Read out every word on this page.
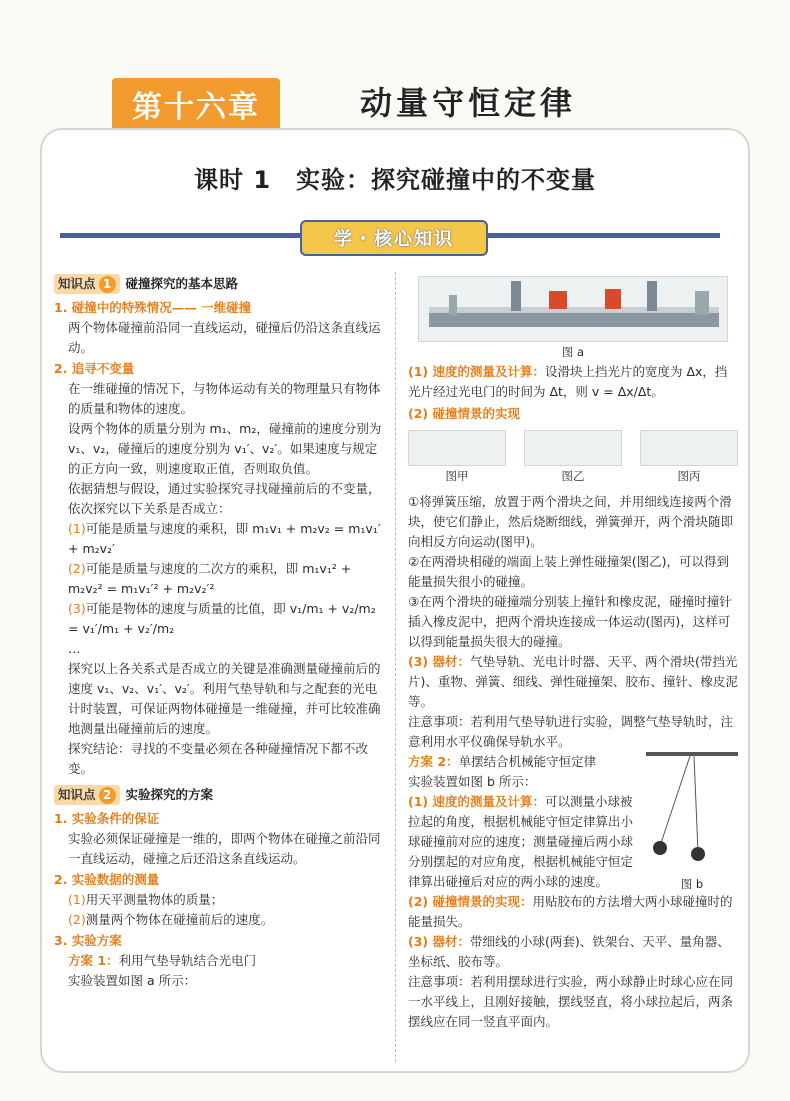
第十六章	动量守恒定律
课时 1　实验：探究碰撞中的不变量
学・核心知识
知识点 1	碰撞探究的基本思路
1. 碰撞中的特殊情况—— 一维碰撞
两个物体碰撞前沿同一直线运动，碰撞后仍沿这条直线运动。
2. 追寻不变量
在一维碰撞的情况下，与物体运动有关的物理量只有物体的质量和物体的速度。
设两个物体的质量分别为 m₁、m₂，碰撞前的速度分别为 v₁、v₂，碰撞后的速度分别为 v₁′、v₂′。如果速度与规定的正方向一致，则速度取正值，否则取负值。
依据猜想与假设，通过实验探究寻找碰撞前后的不变量，依次探究以下关系是否成立：
(1)可能是质量与速度的乘积，即 m₁v₁ + m₂v₂ = m₁v₁′ + m₂v₂′
(2)可能是质量与速度的二次方的乘积，即 m₁v₁² + m₂v₂² = m₁v₁′² + m₂v₂′²
(3)可能是物体的速度与质量的比值，即 v₁/m₁ + v₂/m₂ = v₁′/m₁ + v₂′/m₂
…
探究以上各关系式是否成立的关键是准确测量碰撞前后的速度 v₁、v₂、v₁′、v₂′。利用气垫导轨和与之配套的光电计时装置，可保证两物体碰撞是一维碰撞，并可比较准确地测量出碰撞前后的速度。
探究结论：寻找的不变量必须在各种碰撞情况下都不改变。
知识点 2	实验探究的方案
1. 实验条件的保证
实验必须保证碰撞是一维的，即两个物体在碰撞之前沿同一直线运动，碰撞之后还沿这条直线运动。
2. 实验数据的测量
(1)用天平测量物体的质量；
(2)测量两个物体在碰撞前后的速度。
3. 实验方案
方案 1：利用气垫导轨结合光电门
实验装置如图 a 所示：
图 a
(1) 速度的测量及计算：设滑块上挡光片的宽度为 Δx，挡光片经过光电门的时间为 Δt，则 v = Δx/Δt。
(2) 碰撞情景的实现
图甲	图乙	图丙
①将弹簧压缩，放置于两个滑块之间，并用细线连接两个滑块，使它们静止，然后烧断细线，弹簧弹开，两个滑块随即向相反方向运动(图甲)。
②在两滑块相碰的端面上装上弹性碰撞架(图乙)，可以得到能量损失很小的碰撞。
③在两个滑块的碰撞端分别装上撞针和橡皮泥，碰撞时撞针插入橡皮泥中，把两个滑块连接成一体运动(图丙)，这样可以得到能量损失很大的碰撞。
(3) 器材：气垫导轨、光电计时器、天平、两个滑块(带挡光片)、重物、弹簧、细线、弹性碰撞架、胶布、撞针、橡皮泥等。
注意事项：若利用气垫导轨进行实验，调整气垫导轨时，注意利用水平仪确保导轨水平。
图 b
方案 2：单摆结合机械能守恒定律
实验装置如图 b 所示：
(1) 速度的测量及计算：可以测量小球被拉起的角度，根据机械能守恒定律算出小球碰撞前对应的速度；测量碰撞后两小球分别摆起的对应角度，根据机械能守恒定律算出碰撞后对应的两小球的速度。
(2) 碰撞情景的实现：用贴胶布的方法增大两小球碰撞时的能量损失。
(3) 器材：带细线的小球(两套)、铁架台、天平、量角器、坐标纸、胶布等。
注意事项：若利用摆球进行实验，两小球静止时球心应在同一水平线上，且刚好接触，摆线竖直，将小球拉起后，两条摆线应在同一竖直平面内。
